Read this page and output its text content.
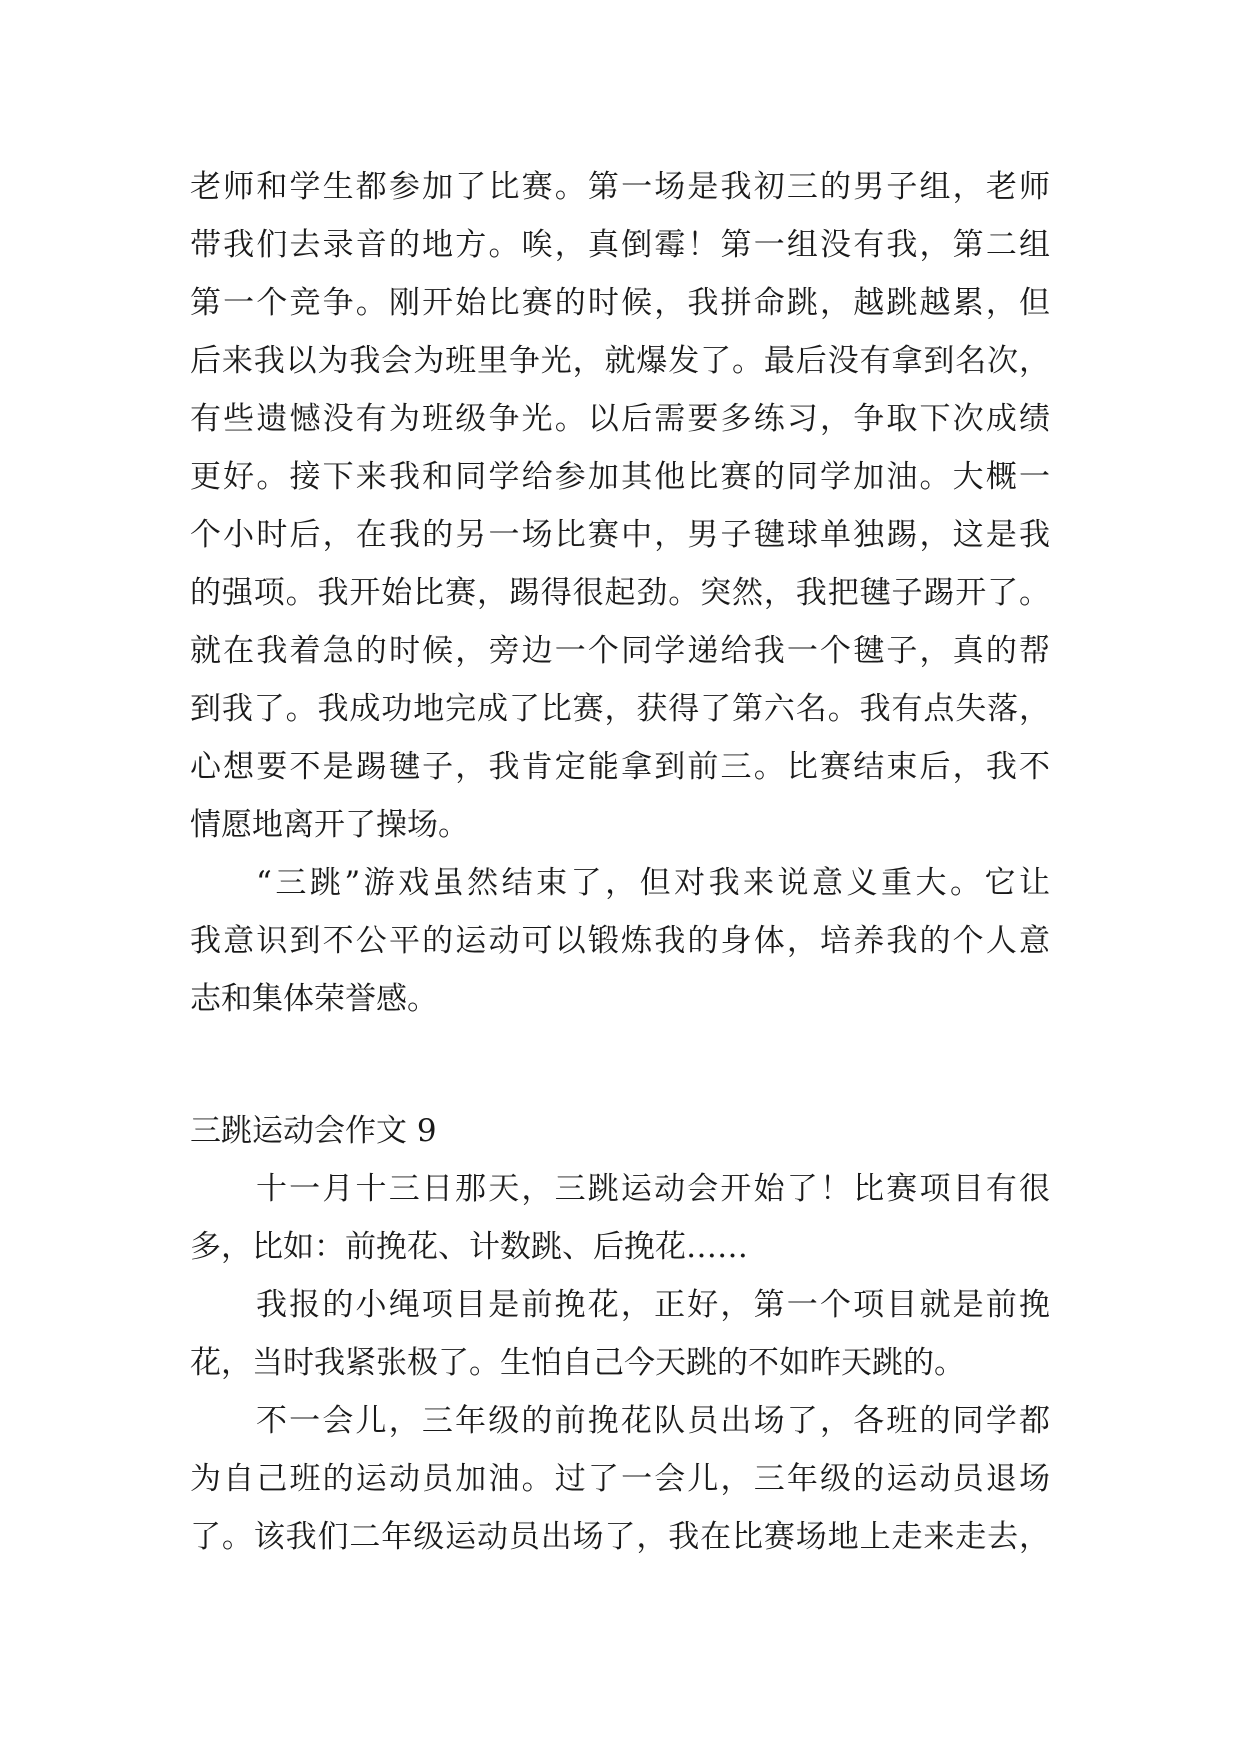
老师和学生都参加了比赛。第一场是我初三的男子组，老师
带我们去录音的地方。唉，真倒霉！第一组没有我，第二组
第一个竞争。刚开始比赛的时候，我拼命跳，越跳越累，但
后来我以为我会为班里争光，就爆发了。最后没有拿到名次，
有些遗憾没有为班级争光。以后需要多练习，争取下次成绩
更好。接下来我和同学给参加其他比赛的同学加油。大概一
个小时后，在我的另一场比赛中，男子毽球单独踢，这是我
的强项。我开始比赛，踢得很起劲。突然，我把毽子踢开了。
就在我着急的时候，旁边一个同学递给我一个毽子，真的帮
到我了。我成功地完成了比赛，获得了第六名。我有点失落，
心想要不是踢毽子，我肯定能拿到前三。比赛结束后，我不
情愿地离开了操场。
“三跳”游戏虽然结束了，但对我来说意义重大。它让
我意识到不公平的运动可以锻炼我的身体，培养我的个人意
志和集体荣誉感。
三跳运动会作文 9
十一月十三日那天，三跳运动会开始了！比赛项目有很
多，比如：前挽花、计数跳、后挽花……
我报的小绳项目是前挽花，正好，第一个项目就是前挽
花，当时我紧张极了。生怕自己今天跳的不如昨天跳的。
不一会儿，三年级的前挽花队员出场了，各班的同学都
为自己班的运动员加油。过了一会儿，三年级的运动员退场
了。该我们二年级运动员出场了，我在比赛场地上走来走去，
